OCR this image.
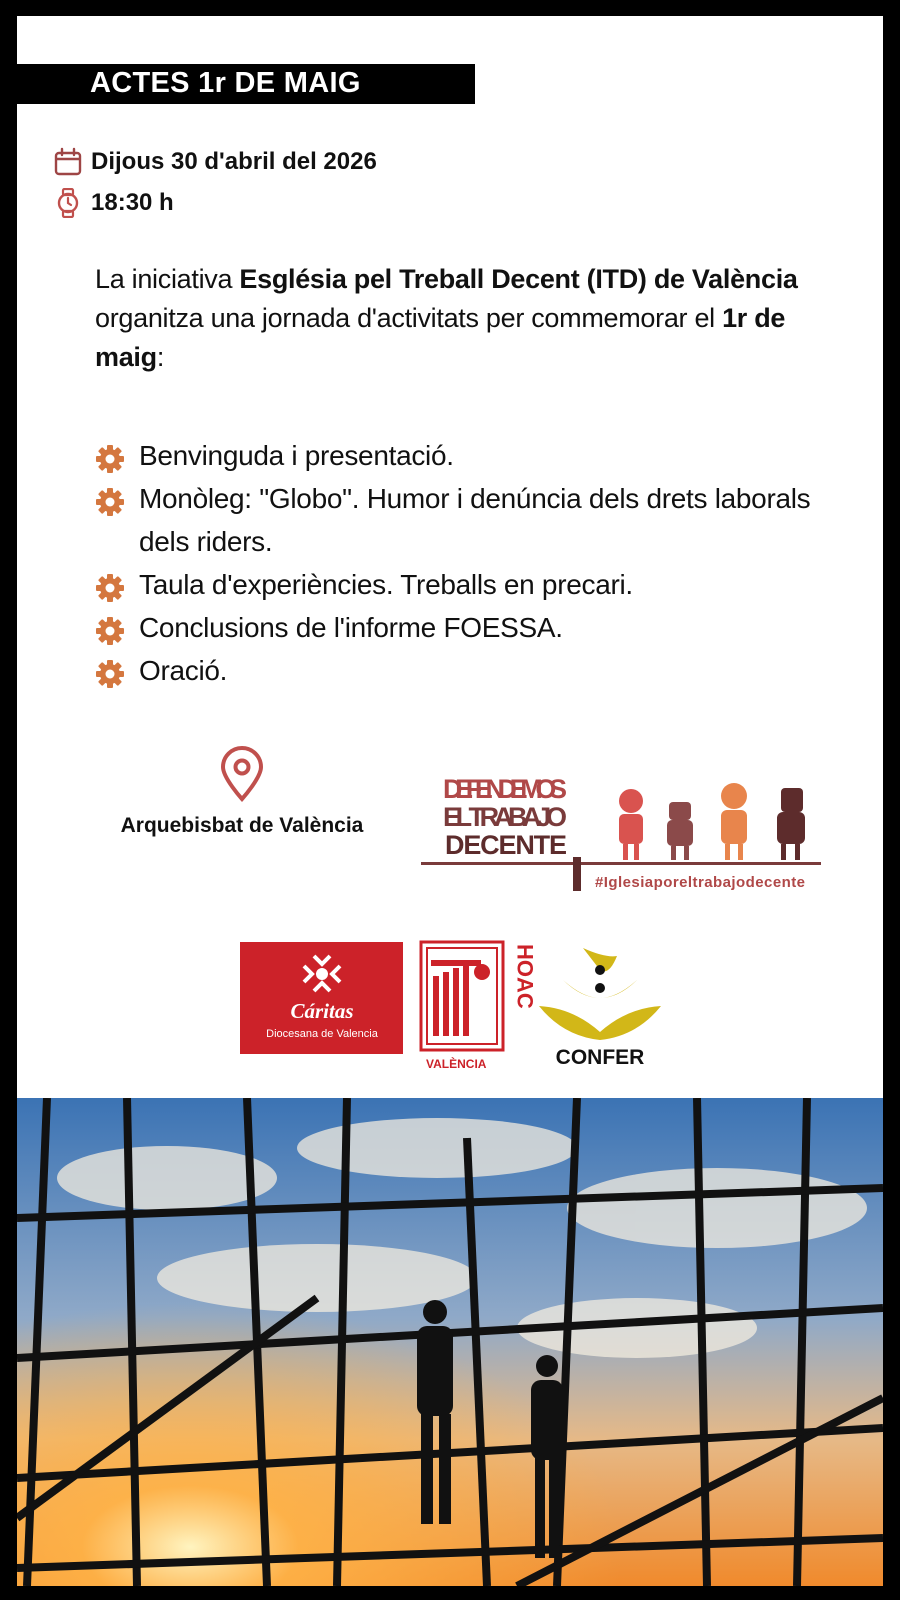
ACTES 1r DE MAIG
Dijous 30 d'abril del 2026
18:30 h
La iniciativa Església pel Treball Decent (ITD) de València organitza una jornada d'activitats per commemorar el 1r de maig:
Benvinguda i presentació.
Monòleg: "Globo". Humor i denúncia dels drets laborals dels riders.
Taula d'experiències. Treballs en precari.
Conclusions de l'informe FOESSA.
Oració.
Arquebisbat de València
DEFENDEMOS
EL TRABAJO
DECENTE
#Iglesiaporeltrabajodecente
Cáritas
Diocesana de Valencia
HOAC
VALÈNCIA	CONFER
